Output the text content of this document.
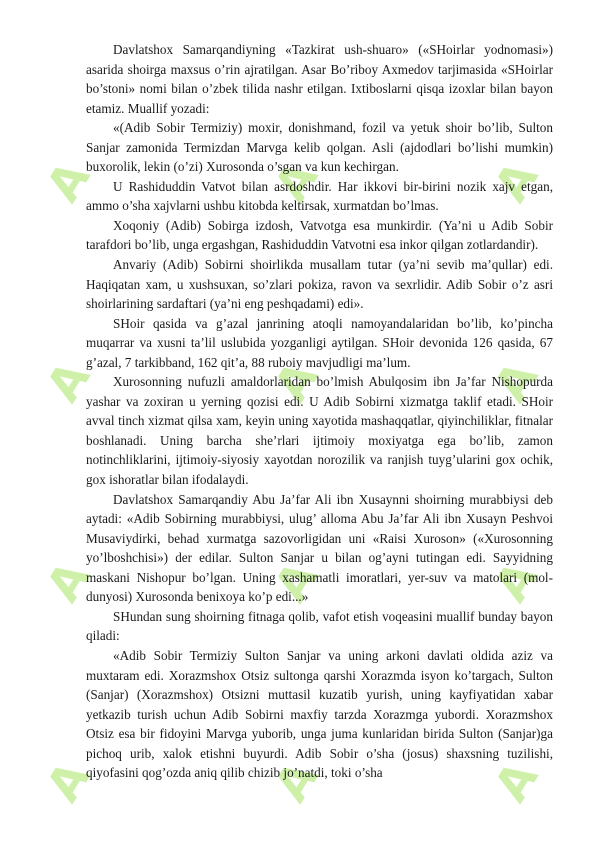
A
A
A
A
A
A
A
A
A
A
A
A

Davlatshox Samarqandiyning «Tazkirat ush-shuaro» («SHoirlar yodnomasi») asarida shoirga maxsus o’rin ajratilgan. Asar Bo’riboy Axmedov tarjimasida «SHoirlar bo’stoni» nomi bilan o’zbek tilida nashr etilgan. Ixtiboslarni qisqa izoxlar bilan bayon etamiz. Muallif yozadi:

«(Adib Sobir Termiziy) moxir, donishmand, fozil va yetuk shoir bo’lib, Sulton Sanjar zamonida Termizdan Marvga kelib qolgan. Asli (ajdodlari bo’lishi mumkin) buxorolik, lekin (o’zi) Xurosonda o’sgan va kun kechirgan.

U Rashiduddin Vatvot bilan asrdoshdir. Har ikkovi bir-birini nozik xajv etgan, ammo o’sha xajvlarni ushbu kitobda keltirsak, xurmatdan bo’lmas.

Xoqoniy (Adib) Sobirga izdosh, Vatvotga esa munkirdir. (Ya’ni u Adib Sobir tarafdori bo’lib, unga ergashgan, Rashiduddin Vatvotni esa inkor qilgan zotlardandir).

Anvariy (Adib) Sobirni shoirlikda musallam tutar (ya’ni sevib ma’qullar) edi. Haqiqatan xam, u xushsuxan, so’zlari pokiza, ravon va sexrlidir. Adib Sobir o’z asri shoirlarining sardaftari (ya’ni eng peshqadami) edi».

SHoir qasida va g’azal janrining atoqli namoyandalaridan bo’lib, ko’pincha muqarrar va xusni ta’lil uslubida yozganligi aytilgan. SHoir devonida 126 qasida, 67 g’azal, 7 tarkibband, 162 qit’a, 88 ruboiy mavjudligi ma’lum.

Xurosonning nufuzli amaldorlaridan bo’lmish Abulqosim ibn Ja’far Nishopurda yashar va zoxiran u yerning qozisi edi. U Adib Sobirni xizmatga taklif etadi. SHoir avval tinch xizmat qilsa xam, keyin uning xayotida mashaqqatlar, qiyinchiliklar, fitnalar boshlanadi. Uning barcha she’rlari ijtimoiy moxiyatga ega bo’lib, zamon notinchliklarini, ijtimoiy-siyosiy xayotdan norozilik va ranjish tuyg’ularini gox ochik, gox ishoratlar bilan ifodalaydi.

Davlatshox Samarqandiy Abu Ja’far Ali ibn Xusaynni shoirning murabbiysi deb aytadi: «Adib Sobirning murabbiysi, ulug’ alloma Abu Ja’far Ali ibn Xusayn Peshvoi Musaviydirki, behad xurmatga sazovorligidan uni «Raisi Xuroson» («Xurosonning yo’lboshchisi») der edilar. Sulton Sanjar u bilan og’ayni tutingan edi. Sayyidning maskani Nishopur bo’lgan. Uning xashamatli imoratlari, yer-suv va matolari (mol-dunyosi) Xurosonda benixoya ko’p edi...»

SHundan sung shoirning fitnaga qolib, vafot etish voqeasini muallif bunday bayon qiladi:

«Adib Sobir Termiziy Sulton Sanjar va uning arkoni davlati oldida aziz va muxtaram edi. Xorazmshox Otsiz sultonga qarshi Xorazmda isyon ko’targach, Sulton (Sanjar) (Xorazmshox) Otsizni muttasil kuzatib yurish, uning kayfiyatidan xabar yetkazib turish uchun Adib Sobirni maxfiy tarzda Xorazmga yubordi. Xorazmshox Otsiz esa bir fidoyini Marvga yuborib, unga juma kunlaridan birida Sulton (Sanjar)ga pichoq urib, xalok etishni buyurdi. Adib Sobir o’sha (josus) shaxsning tuzilishi, qiyofasini qog’ozda aniq qilib chizib jo’natdi, toki o’sha
